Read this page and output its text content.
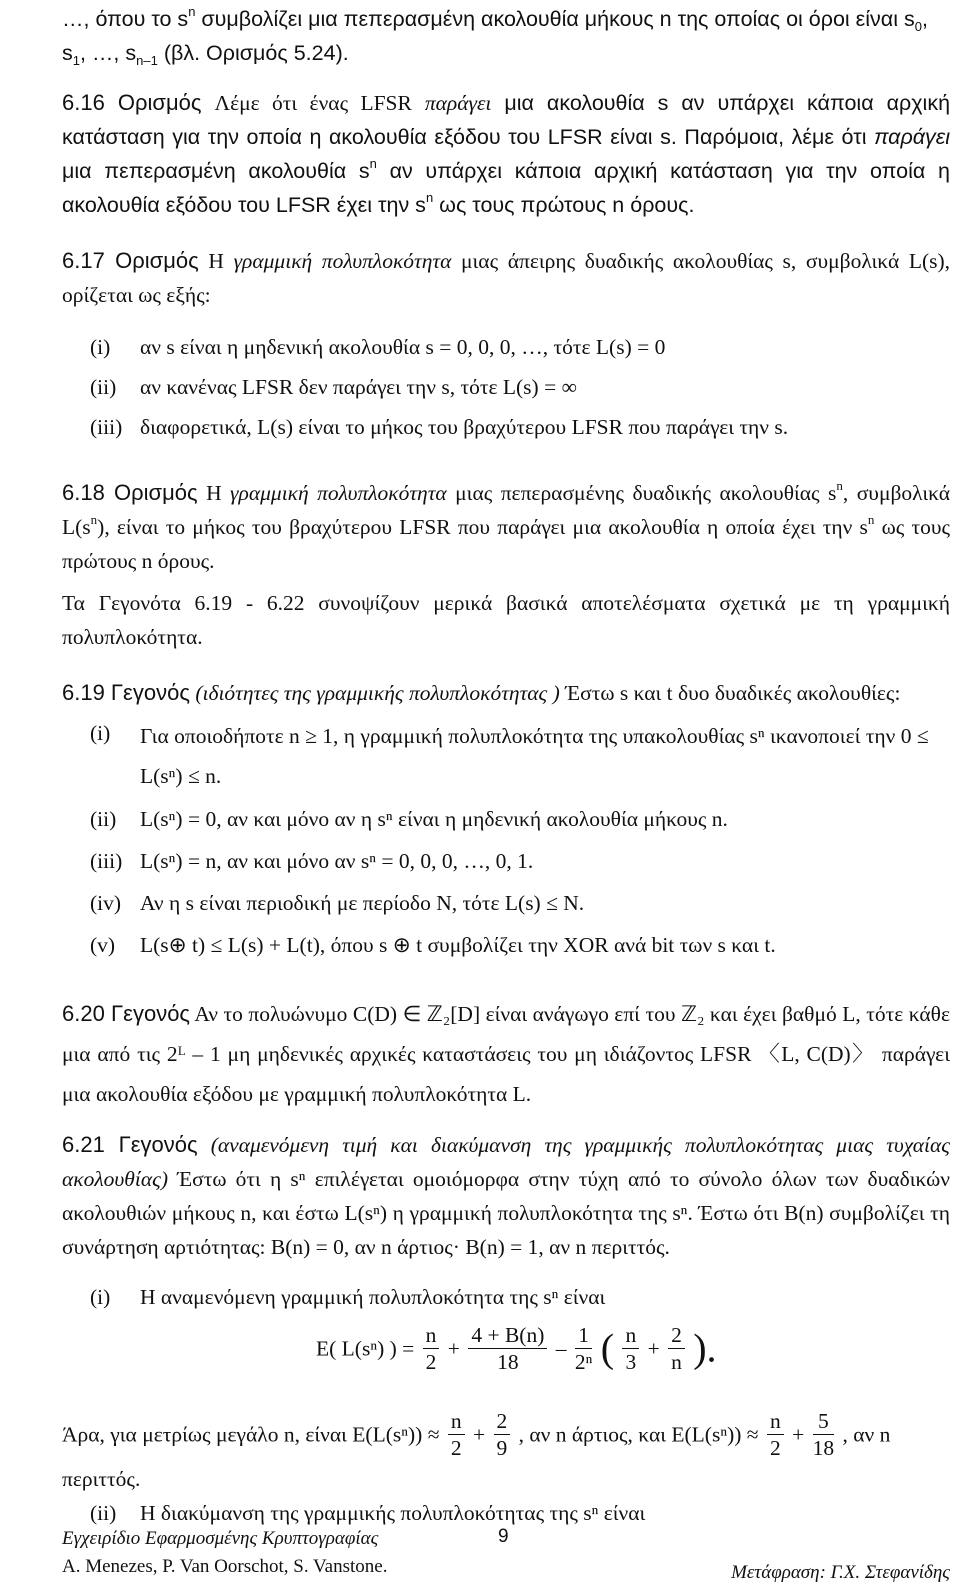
…, όπου το $s^n$ συμβολίζει μια πεπερασμένη ακολουθία μήκους n της οποίας οι όροι είναι $s_0$,
$s_1$, …, $s_{n-1}$ (βλ. Ορισμός 5.24).
6.16 Ορισμός Λέμε ότι ένας LFSR παράγει μια ακολουθία s αν υπάρχει κάποια αρχική κατάσταση για την οποία η ακολουθία εξόδου του LFSR είναι s. Παρόμοια, λέμε ότι παράγει μια πεπερασμένη ακολουθία $s^n$ αν υπάρχει κάποια αρχική κατάσταση για την οποία η ακολουθία εξόδου του LFSR έχει την $s^n$ ως τους πρώτους n όρους.
6.17 Ορισμός Η γραμμική πολυπλοκότητα μιας άπειρης δυαδικής ακολουθίας s, συμβολικά L(s), ορίζεται ως εξής:
(i)	αν s είναι η μηδενική ακολουθία s = 0, 0, 0, …, τότε L(s) = 0
(ii)	αν κανένας LFSR δεν παράγει την s, τότε L(s) = ∞
(iii) διαφορετικά, L(s) είναι το μήκος του βραχύτερου LFSR που παράγει την s.
6.18 Ορισμός Η γραμμική πολυπλοκότητα μιας πεπερασμένης δυαδικής ακολουθίας $s^n$, συμβολικά $L(s^n)$, είναι το μήκος του βραχύτερου LFSR που παράγει μια ακολουθία η οποία έχει την $s^n$ ως τους πρώτους n όρους.
Τα Γεγονότα 6.19 - 6.22 συνοψίζουν μερικά βασικά αποτελέσματα σχετικά με τη γραμμική πολυπλοκότητα.
6.19 Γεγονός (ιδιότητες της γραμμικής πολυπλοκότητας ) Έστω s και t δυο δυαδικές ακολουθίες:
(i)	Για οποιοδήποτε n ≥ 1, η γραμμική πολυπλοκότητα της υπακολουθίας sⁿ ικανοποιεί την 0 ≤ L(sⁿ) ≤ n.
(ii)	L(sⁿ) = 0, αν και μόνο αν η sⁿ είναι η μηδενική ακολουθία μήκους n.
(iii) L(sⁿ) = n, αν και μόνο αν sⁿ = 0, 0, 0, …, 0, 1.
(iv) Αν η s είναι περιοδική με περίοδο N, τότε L(s) ≤ N.
(v)	L(s⊕ t) ≤ L(s) + L(t), όπου s ⊕ t συμβολίζει την XOR ανά bit των s και t.
6.20 Γεγονός Αν το πολυώνυμο C(D) ∈ ℤ₂[D] είναι ανάγωγο επί του ℤ₂ και έχει βαθμό L, τότε κάθε μια από τις 2ᴸ – 1 μη μηδενικές αρχικές καταστάσεις του μη ιδιάζοντος LFSR 〈L, C(D)〉 παράγει μια ακολουθία εξόδου με γραμμική πολυπλοκότητα L.
6.21 Γεγονός (αναμενόμενη τιμή και διακύμανση της γραμμικής πολυπλοκότητας μιας τυχαίας ακολουθίας) Έστω ότι η sⁿ επιλέγεται ομοιόμορφα στην τύχη από το σύνολο όλων των δυαδικών ακολουθιών μήκους n, και έστω L(sⁿ) η γραμμική πολυπλοκότητα της sⁿ. Έστω ότι B(n) συμβολίζει τη συνάρτηση αρτιότητας: B(n) = 0, αν n άρτιος· B(n) = 1, αν n περιττός.
(i)	Η αναμενόμενη γραμμική πολυπλοκότητα της sⁿ είναι
E( L(sⁿ) ) = $\frac{n}{2} + \frac{4 + B(n)}{18} - \frac{1}{\text{2ⁿ}}$ ( $\frac{n}{3} + \frac{2}{n}$ ).
Άρα, για μετρίως μεγάλο n, είναι $E(L(s^n)) \approx \frac{n}{2} + \frac{2}{9}$ , αν n άρτιος, και $E(L(s^n)) \approx \frac{n}{2} + \frac{5}{18}$ , αν n
περιττός.
(ii)	Η διακύμανση της γραμμικής πολυπλοκότητας της sⁿ είναι
Εγχειρίδιο Εφαρμοσμένης Κρυπτογραφίας	9
A. Menezes, P. Van Oorschot, S. Vanstone.	Μετάφραση: Γ.Χ. Στεφανίδης
